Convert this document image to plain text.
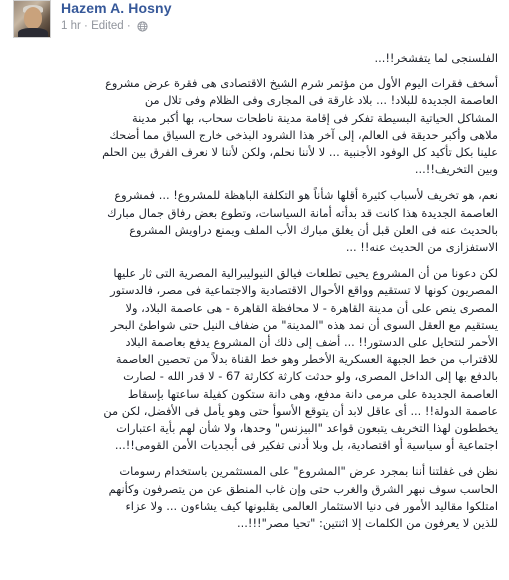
Hazem A. Hosny
1 hr · Edited ·

الفلسنجى لما يتفشخر!!...

أسخف فقرات اليوم الأول من مؤتمر شرم الشيخ الاقتصادى هى فقرة عرض مشروع
العاصمة الجديدة للبلاد! ... بلاد غارقة فى المجارى وفى الظلام وفى تلال من
المشاكل الحياتية البسيطة تفكر فى إقامة مدينة ناطحات سحاب، بها أكبر مدينة
ملاهى وأكبر حديقة فى العالم، إلى آخر هذا الشرود البذخى خارج السياق مما أضحك
علينا بكل تأكيد كل الوفود الأجنبية ... لا لأننا نحلم، ولكن لأننا لا نعرف الفرق بين الحلم
وبين التخريف!!...

نعم، هو تخريف لأسباب كثيرة أقلها شأناً هو التكلفة الباهظة للمشروع! ... فمشروع
العاصمة الجديدة هذا كانت قد بدأته أمانة السياسات، وتطوع بعض رفاق جمال مبارك
بالحديث عنه فى العلن قبل أن يغلق مبارك الأب الملف ويمنع دراويش المشروع
الاستفزازى من الحديث عنه!! ...

لكن دعونا من أن المشروع يحيى تطلعات فيالق النيوليبرالية المصرية التى ثار عليها
المصريون كونها لا تستقيم وواقع الأحوال الاقتصادية والاجتماعية فى مصر، فالدستور
المصرى ينص على أن مدينة القاهرة - لا محافظة القاهرة - هى عاصمة البلاد، ولا
يستقيم مع العقل السوى أن نمد هذه "المدينة" من ضفاف النيل حتى شواطئ البحر
الأحمر لنتحايل على الدستور!! ... أضف إلى ذلك أن المشروع يدفع بعاصمة البلاد
للاقتراب من خط الجبهة العسكرية الأخطر وهو خط القناة بدلاً من تحصين العاصمة
بالدفع بها إلى الداخل المصرى، ولو حدثت كارثة ككارثة 67 - لا قدر الله - لصارت
العاصمة الجديدة على مرمى دانة مدفع، وهى دانة ستكون كفيلة ساعتها بإسقاط
عاصمة الدولة!! ... أى عاقل لابد أن يتوقع الأسوأ حتى وهو يأمل فى الأفضل، لكن من
يخططون لهذا التخريف يتبعون قواعد "البيزنس" وحدها، ولا شأن لهم بأية اعتبارات
اجتماعية أو سياسية أو اقتصادية، بل وبلا أدنى تفكير فى أبجديات الأمن القومى!!...

نظن فى غفلتنا أننا بمجرد عرض "المشروع" على المستثمرين باستخدام رسومات
الحاسب سوف نبهر الشرق والغرب حتى وإن غاب المنطق عن من يتصرفون وكأنهم
امتلكوا مقاليد الأمور فى دنيا الاستثمار العالمى يقلبونها كيف يشاءون ... ولا عزاء
للذين لا يعرفون من الكلمات إلا اثنتين: "تحيا مصر"!!!...
